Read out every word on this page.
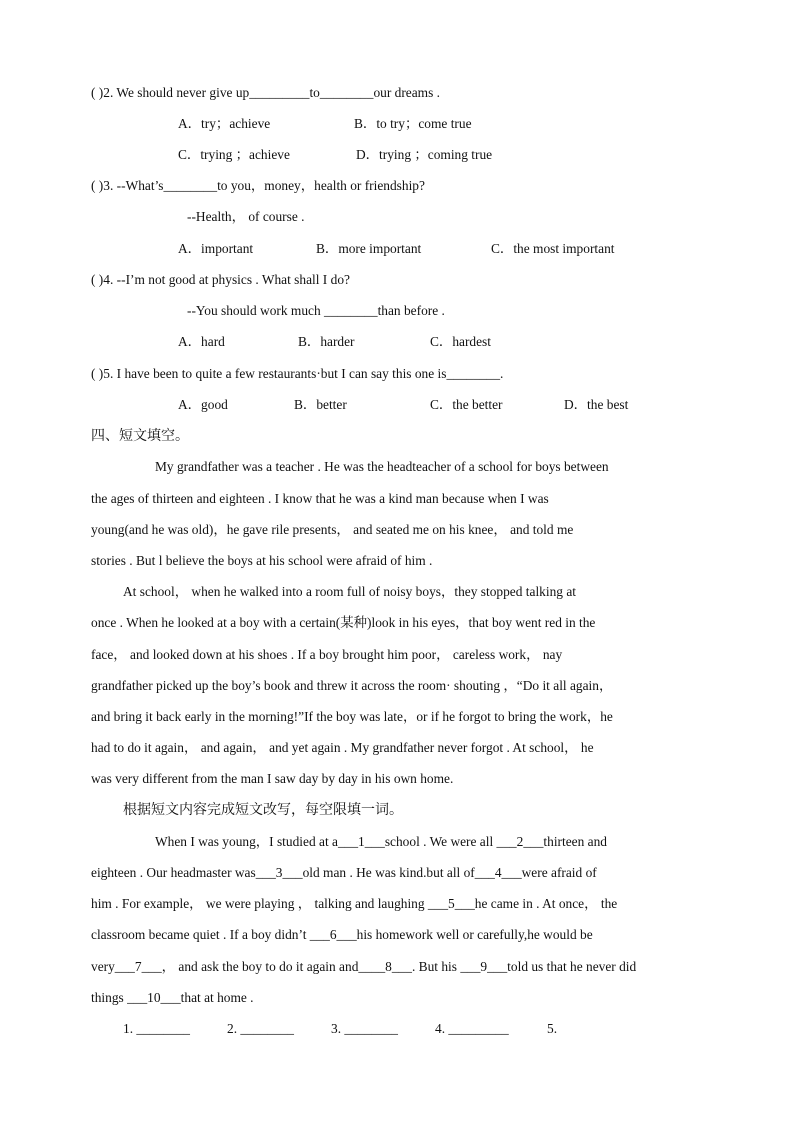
( )2. We should never give up_________to________our dreams .
A．try；achieve	B．to try；come true
C．trying ；achieve	D．trying ；coming true
( )3. --What’s________to you，money，health or friendship?
--Health， of course .
A．important	B．more important	C．the most important
( )4. --I’m not good at physics . What shall I do?
--You should work much ________than before .
A．hard	B．harder	C．hardest
( )5. I have been to quite a few restaurants·but I can say this one is________.
A．good	B．better	C．the better	D．the best
四、短文填空。
My grandfather was a teacher . He was the headteacher of a school for boys between
the ages of thirteen and eighteen . I know that he was a kind man because when I was
young(and he was old)，he gave rile presents， and seated me on his knee， and told me
stories . But l believe the boys at his school were afraid of him .
At school， when he walked into a room full of noisy boys，they stopped talking at
once . When he looked at a boy with a certain(某种)look in his eyes，that boy went red in the
face， and looked down at his shoes . If a boy brought him poor， careless work， nay
grandfather picked up the boy’s book and threw it across the room· shouting ，“Do it all again，
and bring it back early in the morning!”If the boy was late，or if he forgot to bring the work，he
had to do it again， and again， and yet again . My grandfather never forgot . At school， he
was very different from the man I saw day by day in his own home.
根据短文内容完成短文改写，每空限填一词。
When I was young，I studied at a___1___school . We were all ___2___thirteen and
eighteen . Our headmaster was___3___old man . He was kind.but all of___4___were afraid of
him . For example， we were playing ， talking and laughing ___5___he came in . At once， the
classroom became quiet . If a boy didn’t ___6___his homework well or carefully,he would be
very___7___， and ask the boy to do it again and____8___. But his ___9___told us that he never did
things ___10___that at home .
1. ________	2. ________	3. ________	4. _________	5.
